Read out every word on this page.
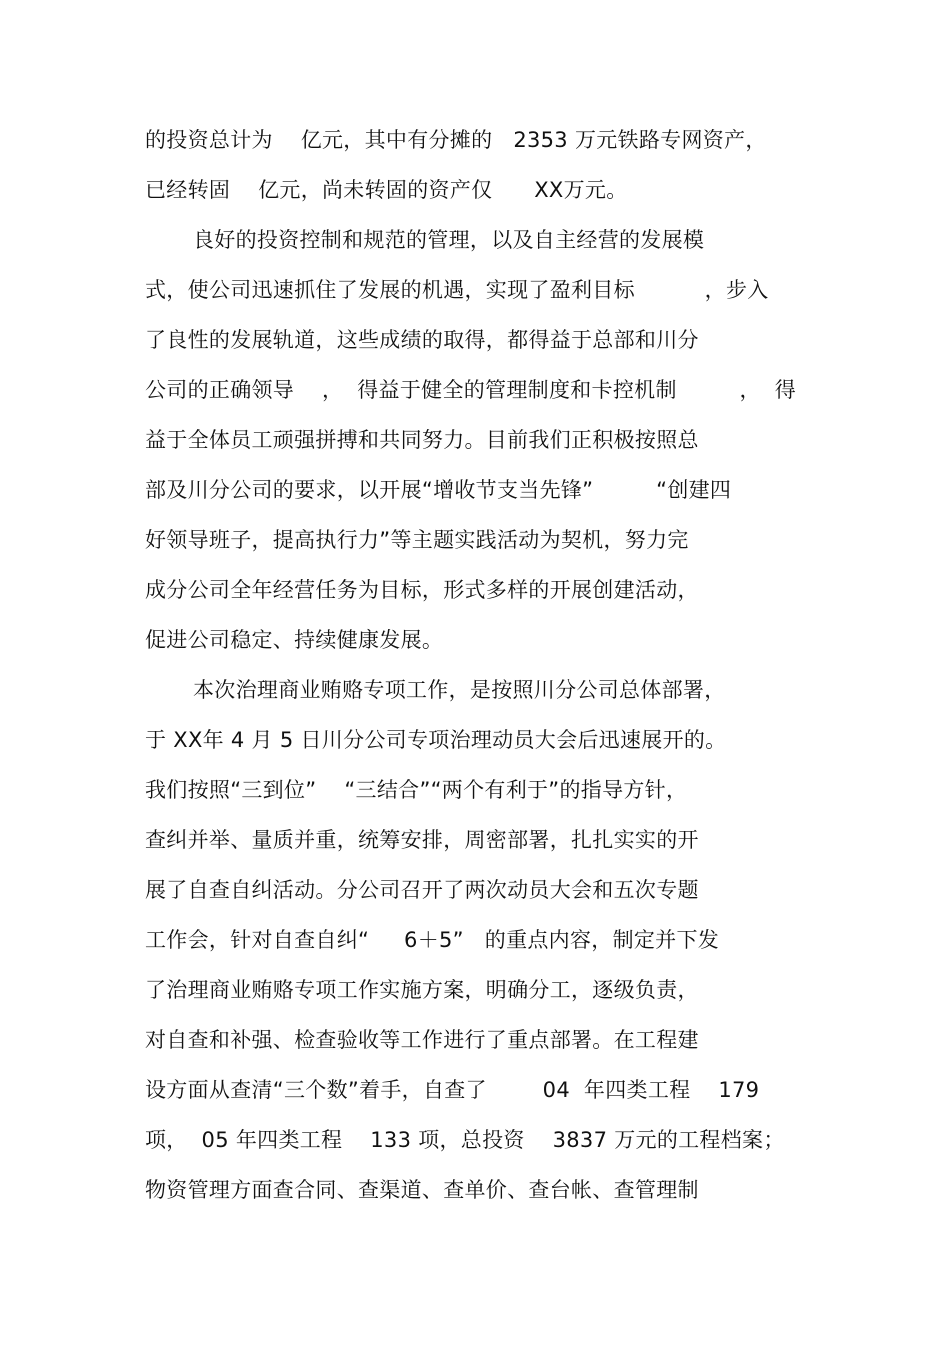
的投资总计为    亿元，其中有分摊的   2353 万元铁路专网资产，
已经转固    亿元，尚未转固的资产仅      XX万元。
良好的投资控制和规范的管理，以及自主经营的发展模
式，使公司迅速抓住了发展的机遇，实现了盈利目标          ，步入
了良性的发展轨道，这些成绩的取得，都得益于总部和川分
公司的正确领导    ，  得益于健全的管理制度和卡控机制         ，  得
益于全体员工顽强拼搏和共同努力。目前我们正积极按照总
部及川分公司的要求，以开展“增收节支当先锋”         “创建四
好领导班子，提高执行力”等主题实践活动为契机，努力完
成分公司全年经营任务为目标，形式多样的开展创建活动，
促进公司稳定、持续健康发展。
本次治理商业贿赂专项工作，是按照川分公司总体部署，
于 XX年 4 月 5 日川分公司专项治理动员大会后迅速展开的。
我们按照“三到位”    “三结合”“两个有利于”的指导方针，
查纠并举、量质并重，统筹安排，周密部署，扎扎实实的开
展了自查自纠活动。分公司召开了两次动员大会和五次专题
工作会，针对自查自纠“     6＋5”   的重点内容，制定并下发
了治理商业贿赂专项工作实施方案，明确分工，逐级负责，
对自查和补强、检查验收等工作进行了重点部署。在工程建
设方面从查清“三个数”着手，自查了        04  年四类工程    179
项，  05 年四类工程    133 项，总投资    3837 万元的工程档案；
物资管理方面查合同、查渠道、查单价、查台帐、查管理制
